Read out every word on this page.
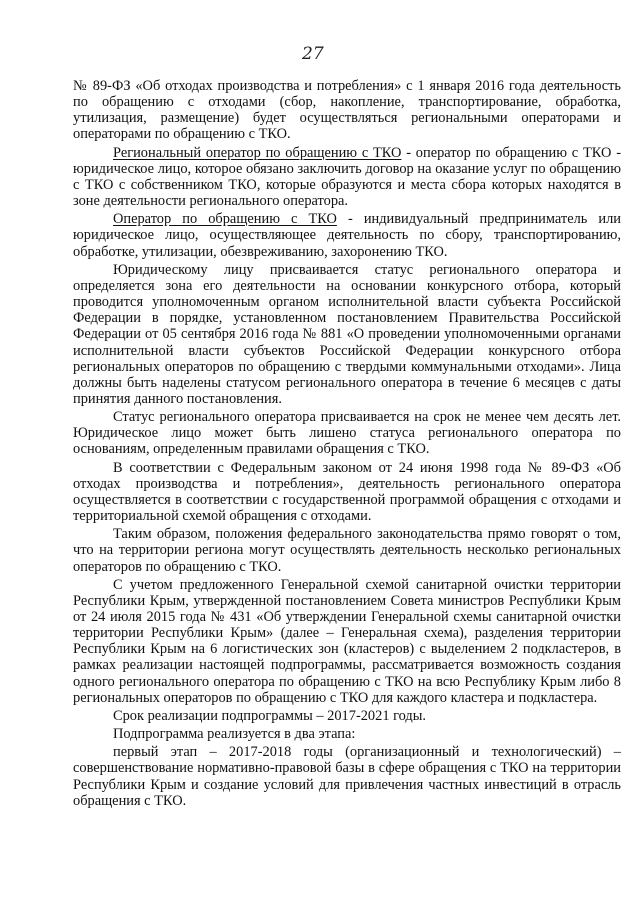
27

№ 89-ФЗ «Об отходах производства и потребления» с 1 января 2016 года деятельность по обращению с отходами (сбор, накопление, транспортирование, обработка, утилизация, размещение) будет осуществляться региональными операторами и операторами по обращению с ТКО.

Региональный оператор по обращению с ТКО - оператор по обращению с ТКО - юридическое лицо, которое обязано заключить договор на оказание услуг по обращению с ТКО с собственником ТКО, которые образуются и места сбора которых находятся в зоне деятельности регионального оператора.

Оператор по обращению с ТКО - индивидуальный предприниматель или юридическое лицо, осуществляющее деятельность по сбору, транспортированию, обработке, утилизации, обезвреживанию, захоронению ТКО.

Юридическому лицу присваивается статус регионального оператора и определяется зона его деятельности на основании конкурсного отбора, который проводится уполномоченным органом исполнительной власти субъекта Российской Федерации в порядке, установленном постановлением Правительства Российской Федерации от 05 сентября 2016 года № 881 «О проведении уполномоченными органами исполнительной власти субъектов Российской Федерации конкурсного отбора региональных операторов по обращению с твердыми коммунальными отходами». Лица должны быть наделены статусом регионального оператора в течение 6 месяцев с даты принятия данного постановления.

Статус регионального оператора присваивается на срок не менее чем десять лет. Юридическое лицо может быть лишено статуса регионального оператора по основаниям, определенным правилами обращения с ТКО.

В соответствии с Федеральным законом от 24 июня 1998 года № 89-ФЗ «Об отходах производства и потребления», деятельность регионального оператора осуществляется в соответствии с государственной программой обращения с отходами и территориальной схемой обращения с отходами.

Таким образом, положения федерального законодательства прямо говорят о том, что на территории региона могут осуществлять деятельность несколько региональных операторов по обращению с ТКО.

С учетом предложенного Генеральной схемой санитарной очистки территории Республики Крым, утвержденной постановлением Совета министров Республики Крым от 24 июля 2015 года № 431 «Об утверждении Генеральной схемы санитарной очистки территории Республики Крым» (далее – Генеральная схема), разделения территории Республики Крым на 6 логистических зон (кластеров) с выделением 2 подкластеров, в рамках реализации настоящей подпрограммы, рассматривается возможность создания одного регионального оператора по обращению с ТКО на всю Республику Крым либо 8 региональных операторов по обращению с ТКО для каждого кластера и подкластера.

Срок реализации подпрограммы – 2017-2021 годы.

Подпрограмма реализуется в два этапа:

первый этап – 2017-2018 годы (организационный и технологический) – совершенствование нормативно-правовой базы в сфере обращения с ТКО на территории Республики Крым и создание условий для привлечения частных инвестиций в отрасль обращения с ТКО.
